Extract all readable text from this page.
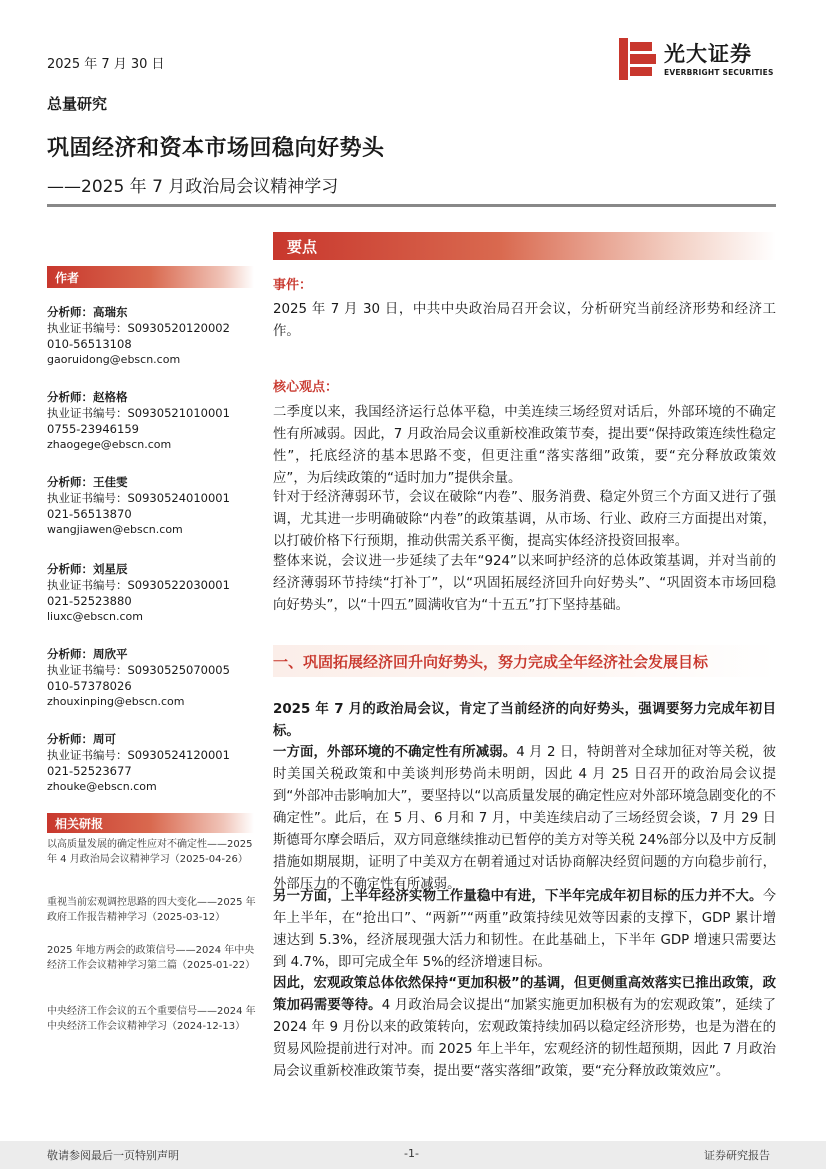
2025 年 7 月 30 日	光大证券
EVERBRIGHT SECURITIES
总量研究
巩固经济和资本市场回稳向好势头
——2025 年 7 月政治局会议精神学习
要点
作者
分析师：高瑞东
执业证书编号：S0930520120002
010-56513108
gaoruidong@ebscn.com
分析师：赵格格
执业证书编号：S0930521010001
0755-23946159
zhaogege@ebscn.com
分析师：王佳雯
执业证书编号：S0930524010001
021-56513870
wangjiawen@ebscn.com
分析师：刘星辰
执业证书编号：S0930522030001
021-52523880
liuxc@ebscn.com
分析师：周欣平
执业证书编号：S0930525070005
010-57378026
zhouxinping@ebscn.com
分析师：周可
执业证书编号：S0930524120001
021-52523677
zhouke@ebscn.com
相关研报
以高质量发展的确定性应对不确定性——2025 年 4 月政治局会议精神学习（2025-04-26）
重视当前宏观调控思路的四大变化——2025 年政府工作报告精神学习（2025-03-12）
2025 年地方两会的政策信号——2024 年中央经济工作会议精神学习第二篇（2025-01-22）
中央经济工作会议的五个重要信号——2024 年中央经济工作会议精神学习（2024-12-13）
事件：
2025 年 7 月 30 日，中共中央政治局召开会议，分析研究当前经济形势和经济工作。
核心观点：
二季度以来，我国经济运行总体平稳，中美连续三场经贸对话后，外部环境的不确定性有所减弱。因此，7 月政治局会议重新校准政策节奏，提出要“保持政策连续性稳定性”，托底经济的基本思路不变，但更注重“落实落细”政策，要“充分释放政策效应”，为后续政策的“适时加力”提供余量。
针对于经济薄弱环节，会议在破除“内卷”、服务消费、稳定外贸三个方面又进行了强调，尤其进一步明确破除“内卷”的政策基调，从市场、行业、政府三方面提出对策，以打破价格下行预期，推动供需关系平衡，提高实体经济投资回报率。
整体来说，会议进一步延续了去年“924”以来呵护经济的总体政策基调，并对当前的经济薄弱环节持续“打补丁”，以“巩固拓展经济回升向好势头”、“巩固资本市场回稳向好势头”，以“十四五”圆满收官为“十五五”打下坚持基础。
一、巩固拓展经济回升向好势头，努力完成全年经济社会发展目标
2025 年 7 月的政治局会议，肯定了当前经济的向好势头，强调要努力完成年初目标。
一方面，外部环境的不确定性有所减弱。4 月 2 日，特朗普对全球加征对等关税，彼时美国关税政策和中美谈判形势尚未明朗，因此 4 月 25 日召开的政治局会议提到“外部冲击影响加大”，要坚持以“以高质量发展的确定性应对外部环境急剧变化的不确定性”。此后，在 5 月、6 月和 7 月，中美连续启动了三场经贸会谈，7 月 29 日斯德哥尔摩会晤后，双方同意继续推动已暂停的美方对等关税 24%部分以及中方反制措施如期展期，证明了中美双方在朝着通过对话协商解决经贸问题的方向稳步前行，外部压力的不确定性有所减弱。
另一方面，上半年经济实物工作量稳中有进，下半年完成年初目标的压力并不大。今年上半年，在“抢出口”、“两新”“两重”政策持续见效等因素的支撑下，GDP 累计增速达到 5.3%，经济展现强大活力和韧性。在此基础上，下半年 GDP 增速只需要达到 4.7%，即可完成全年 5%的经济增速目标。
因此，宏观政策总体依然保持“更加积极”的基调，但更侧重高效落实已推出政策，政策加码需要等待。4 月政治局会议提出“加紧实施更加积极有为的宏观政策”，延续了 2024 年 9 月份以来的政策转向，宏观政策持续加码以稳定经济形势，也是为潜在的贸易风险提前进行对冲。而 2025 年上半年，宏观经济的韧性超预期，因此 7 月政治局会议重新校准政策节奏，提出要“落实落细”政策，要“充分释放政策效应”。
敬请参阅最后一页特别声明	-1-	证券研究报告
